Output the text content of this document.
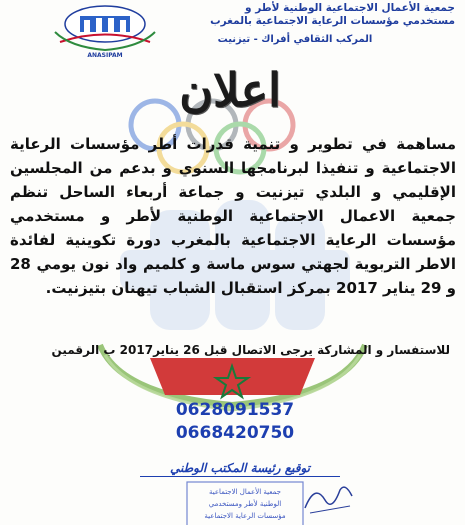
ANASIPAM
جمعية الأعمال الاجتماعية الوطنية لأطر و
مستخدمي مؤسسات الرعاية الاجتماعية بالمغرب
المركب الثقافي أفراك - تيزنيت
اعلان

مساهمة في تطوير و تنمية قدرات أطر مؤسسات الرعاية الاجتماعية و تنفيذا لبرنامجها السنوي و بدعم من المجلسين الإقليمي و البلدي تيزنيت و جماعة أربعاء الساحل تنظم جمعية الاعمال الاجتماعية الوطنية لأطر و مستخدمي مؤسسات الرعاية الاجتماعية بالمغرب دورة تكوينية لفائدة الاطر التربوية لجهتي سوس ماسة و كلميم واد نون يومي 28 و 29 يناير 2017 بمركز استقبال الشباب تيهنان بتيزنيت.

للاستفسار و المشاركة يرجى الاتصال قبل 26 يناير2017 ب الرقمين
0628091537
0668420750
توقيع رئيسة المكتب الوطني
جمعية الأعمال الاجتماعية
الوطنية لأطر ومستخدمي
مؤسسات الرعاية الاجتماعية
